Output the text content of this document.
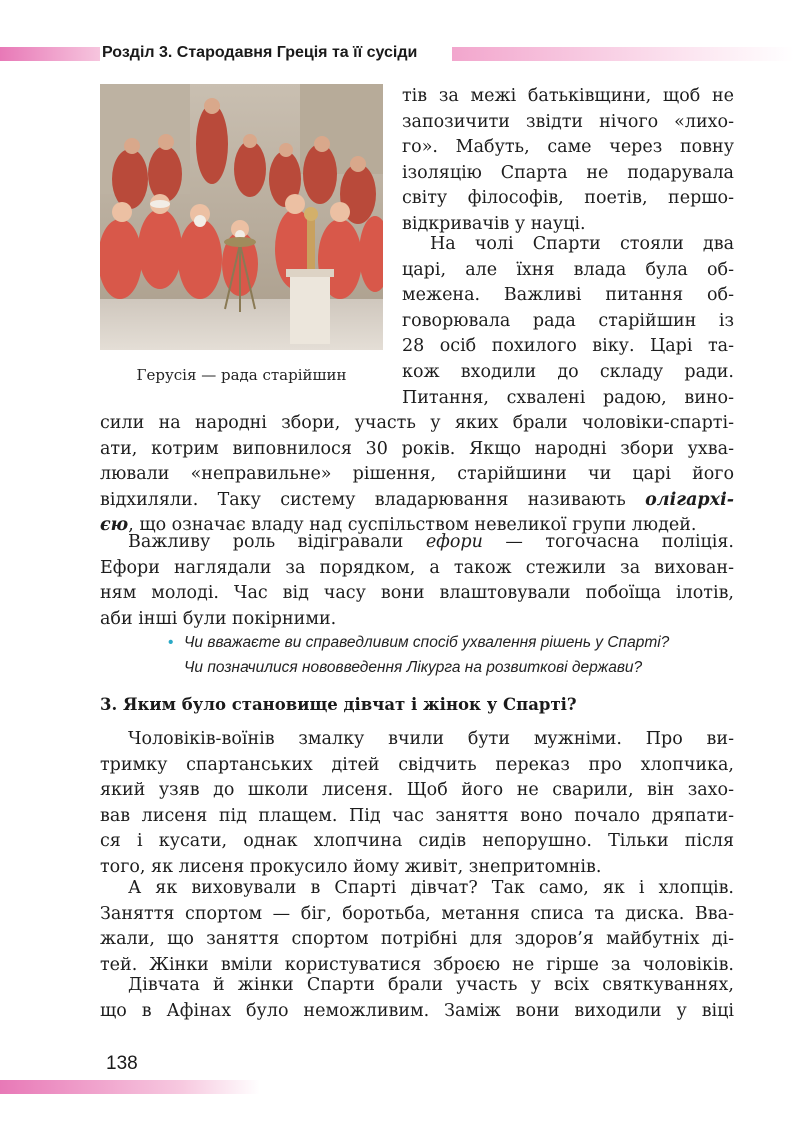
Розділ 3. Стародавня Греція та її сусіди
Герусія — рада старійшин
тів за межі батьківщини, щоб не
запозичити звідти нічого «лихо-
го». Мабуть, саме через повну
ізоляцію Спарта не подарувала
світу філософів, поетів, першо-
відкривачів у науці.
На чолі Спарти стояли два
царі, але їхня влада була об-
межена. Важливі питання об-
говорювала рада старійшин із
28 осіб похилого віку. Царі та-
кож входили до складу ради.
Питання, схвалені радою, вино-
сили на народні збори, участь у яких брали чоловіки-спарті-
ати, котрим виповнилося 30 років. Якщо народні збори ухва-
лювали «неправильне» рішення, старійшини чи царі його
відхиляли. Таку систему владарювання називають олігархі-
єю, що означає владу над суспільством невеликої групи людей.
Важливу роль відігравали ефори — тогочасна поліція.
Ефори наглядали за порядком, а також стежили за вихован-
ням молоді. Час від часу вони влаштовували побоїща ілотів,
аби інші були покірними.
• Чи вважаєте ви справедливим спосіб ухвалення рішень у Спарті?
Чи позначилися нововведення Лікурга на розвиткові держави?
3. Яким було становище дівчат і жінок у Спарті?
Чоловіків-воїнів змалку вчили бути мужніми. Про ви-
тримку спартанських дітей свідчить переказ про хлопчика,
який узяв до школи лисеня. Щоб його не сварили, він захо-
вав лисеня під плащем. Під час заняття воно почало дряпати-
ся і кусати, однак хлопчина сидів непорушно. Тільки після
того, як лисеня прокусило йому живіт, знепритомнів.
А як виховували в Спарті дівчат? Так само, як і хлопців.
Заняття спортом — біг, боротьба, метання списа та диска. Вва-
жали, що заняття спортом потрібні для здоров’я майбутніх ді-
тей. Жінки вміли користуватися зброєю не гірше за чоловіків.
Дівчата й жінки Спарти брали участь у всіх святкуваннях,
що в Афінах було неможливим. Заміж вони виходили у віці
138
